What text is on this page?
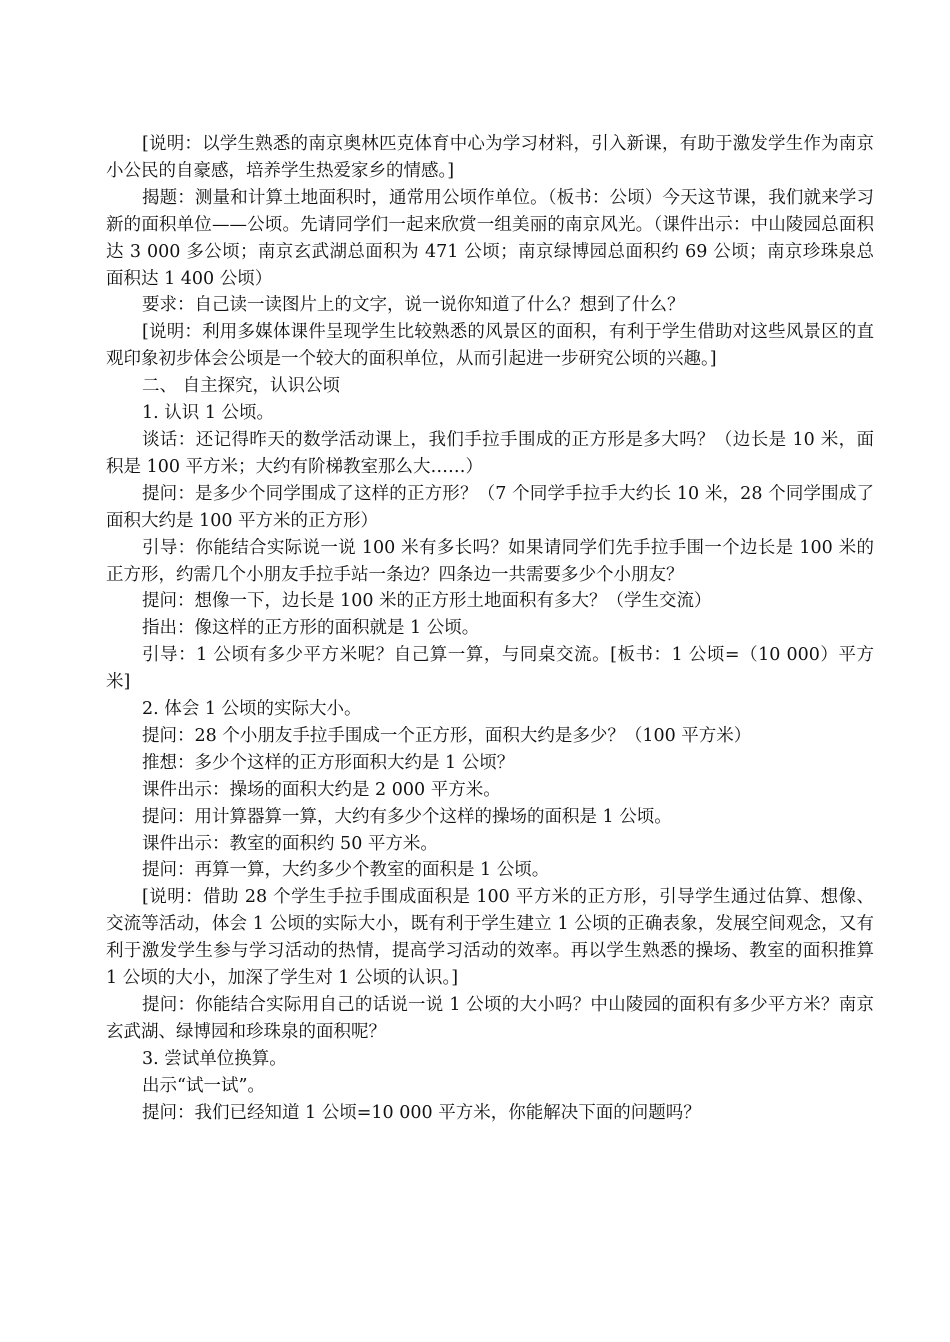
[说明：以学生熟悉的南京奥林匹克体育中心为学习材料，引入新课，有助于激发学生作为南京小公民的自豪感，培养学生热爱家乡的情感。]

揭题：测量和计算土地面积时，通常用公顷作单位。（板书：公顷）今天这节课，我们就来学习新的面积单位——公顷。先请同学们一起来欣赏一组美丽的南京风光。（课件出示：中山陵园总面积达 3 000 多公顷；南京玄武湖总面积为 471 公顷；南京绿博园总面积约 69 公顷；南京珍珠泉总面积达 1 400 公顷）

要求：自己读一读图片上的文字，说一说你知道了什么？想到了什么？

[说明：利用多媒体课件呈现学生比较熟悉的风景区的面积，有利于学生借助对这些风景区的直观印象初步体会公顷是一个较大的面积单位，从而引起进一步研究公顷的兴趣。]

二、 自主探究，认识公顷

1. 认识 1 公顷。

谈话：还记得昨天的数学活动课上，我们手拉手围成的正方形是多大吗？（边长是 10 米，面积是 100 平方米；大约有阶梯教室那么大……）

提问：是多少个同学围成了这样的正方形？（7 个同学手拉手大约长 10 米，28 个同学围成了面积大约是 100 平方米的正方形）

引导：你能结合实际说一说 100 米有多长吗？如果请同学们先手拉手围一个边长是 100 米的正方形，约需几个小朋友手拉手站一条边？四条边一共需要多少个小朋友？

提问：想像一下，边长是 100 米的正方形土地面积有多大？（学生交流）

指出：像这样的正方形的面积就是 1 公顷。

引导：1 公顷有多少平方米呢？自己算一算，与同桌交流。[板书：1 公顷=（10 000）平方米]

2. 体会 1 公顷的实际大小。

提问：28 个小朋友手拉手围成一个正方形，面积大约是多少？（100 平方米）

推想：多少个这样的正方形面积大约是 1 公顷？

课件出示：操场的面积大约是 2 000 平方米。

提问：用计算器算一算，大约有多少个这样的操场的面积是 1 公顷。

课件出示：教室的面积约 50 平方米。

提问：再算一算，大约多少个教室的面积是 1 公顷。

[说明：借助 28 个学生手拉手围成面积是 100 平方米的正方形，引导学生通过估算、想像、交流等活动，体会 1 公顷的实际大小，既有利于学生建立 1 公顷的正确表象，发展空间观念，又有利于激发学生参与学习活动的热情，提高学习活动的效率。再以学生熟悉的操场、教室的面积推算 1 公顷的大小，加深了学生对 1 公顷的认识。]

提问：你能结合实际用自己的话说一说 1 公顷的大小吗？中山陵园的面积有多少平方米？南京玄武湖、绿博园和珍珠泉的面积呢？

3. 尝试单位换算。

出示“试一试”。

提问：我们已经知道 1 公顷=10 000 平方米，你能解决下面的问题吗？
